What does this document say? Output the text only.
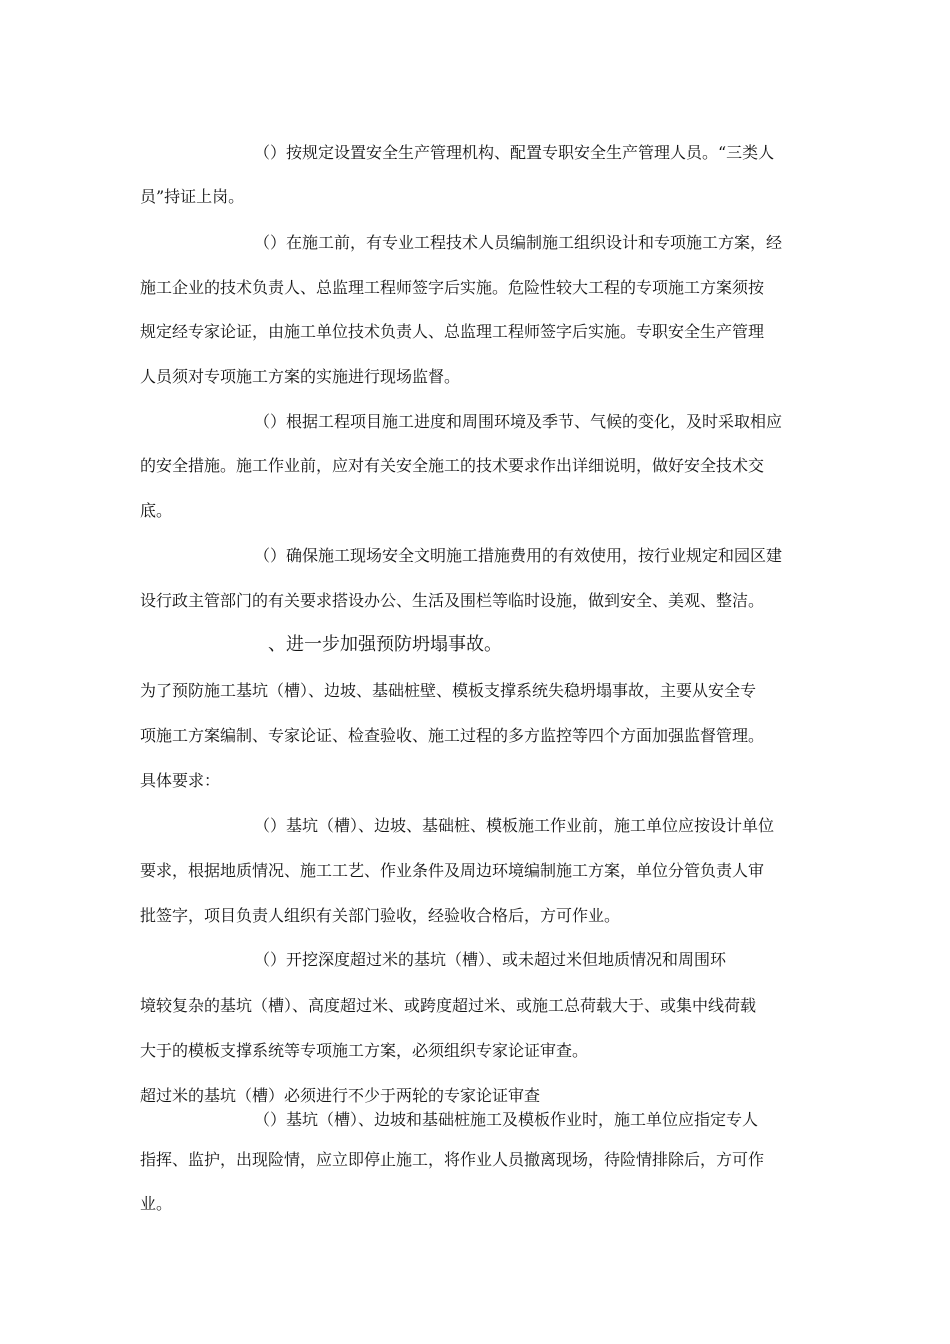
（）按规定设置安全生产管理机构、配置专职安全生产管理人员。“三类人
员”持证上岗。
（）在施工前，有专业工程技术人员编制施工组织设计和专项施工方案，经
施工企业的技术负责人、总监理工程师签字后实施。危险性较大工程的专项施工方案须按
规定经专家论证，由施工单位技术负责人、总监理工程师签字后实施。专职安全生产管理
人员须对专项施工方案的实施进行现场监督。
（）根据工程项目施工进度和周围环境及季节、气候的变化，及时采取相应
的安全措施。施工作业前，应对有关安全施工的技术要求作出详细说明，做好安全技术交
底。
（）确保施工现场安全文明施工措施费用的有效使用，按行业规定和园区建
设行政主管部门的有关要求搭设办公、生活及围栏等临时设施，做到安全、美观、整洁。
、进一步加强预防坍塌事故。
为了预防施工基坑（槽）、边坡、基础桩壁、模板支撑系统失稳坍塌事故，主要从安全专
项施工方案编制、专家论证、检查验收、施工过程的多方监控等四个方面加强监督管理。
具体要求：
（）基坑（槽）、边坡、基础桩、模板施工作业前，施工单位应按设计单位
要求，根据地质情况、施工工艺、作业条件及周边环境编制施工方案，单位分管负责人审
批签字，项目负责人组织有关部门验收，经验收合格后，方可作业。
（）开挖深度超过米的基坑（槽）、或未超过米但地质情况和周围环
境较复杂的基坑（槽）、高度超过米、或跨度超过米、或施工总荷载大于、或集中线荷载
大于的模板支撑系统等专项施工方案，必须组织专家论证审查。
超过米的基坑（槽）必须进行不少于两轮的专家论证审查
（）基坑（槽）、边坡和基础桩施工及模板作业时，施工单位应指定专人
指挥、监护，出现险情，应立即停止施工，将作业人员撤离现场，待险情排除后，方可作
业。
